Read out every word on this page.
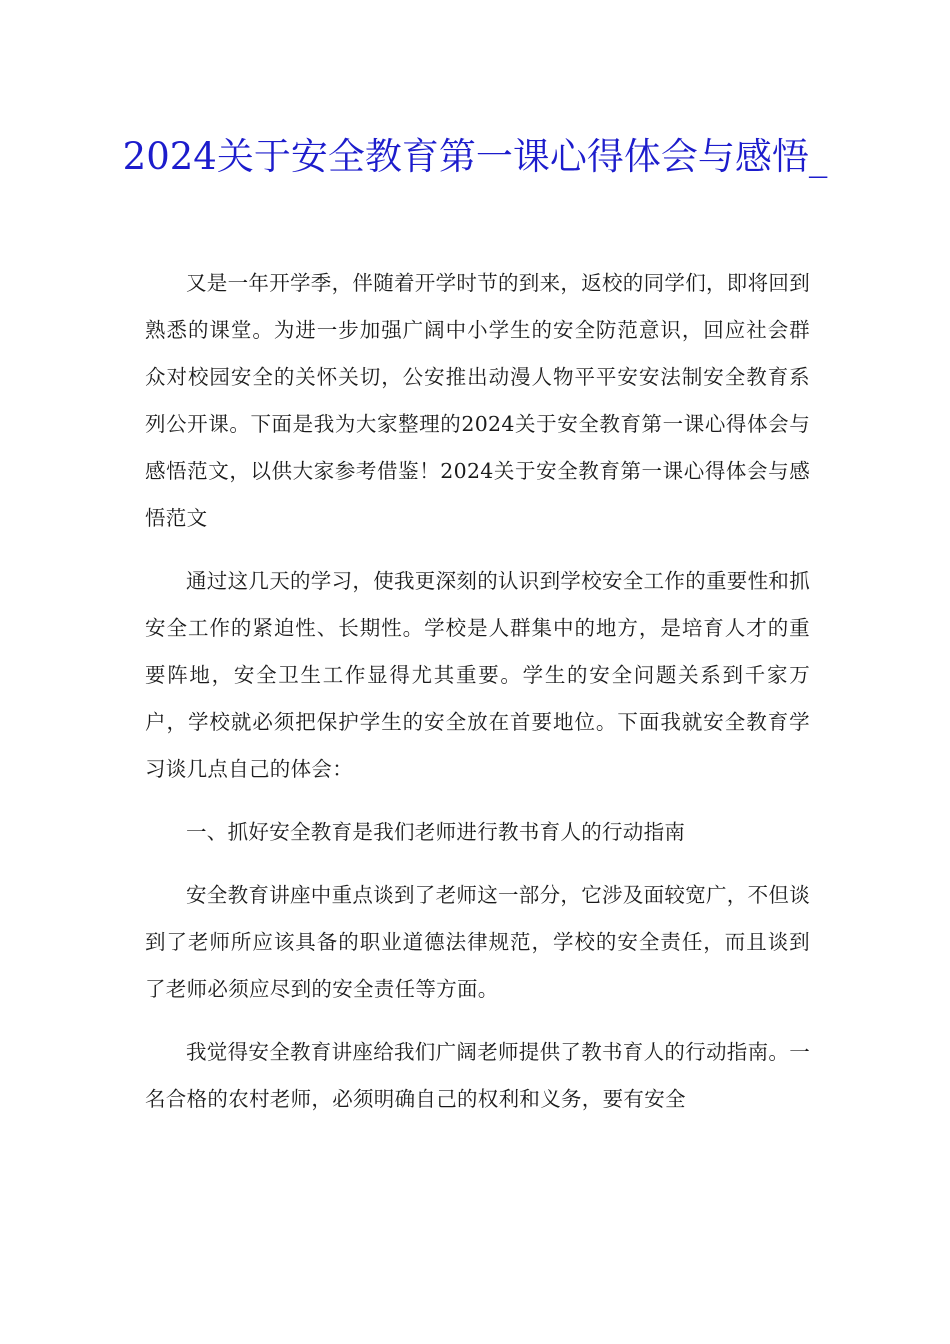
2024关于安全教育第一课心得体会与感悟_

又是一年开学季，伴随着开学时节的到来，返校的同学们，即将回到熟悉的课堂。为进一步加强广阔中小学生的安全防范意识，回应社会群众对校园安全的关怀关切，公安推出动漫人物平平安安法制安全教育系列公开课。下面是我为大家整理的2024关于安全教育第一课心得体会与感悟范文，以供大家参考借鉴！2024关于安全教育第一课心得体会与感悟范文

通过这几天的学习，使我更深刻的认识到学校安全工作的重要性和抓安全工作的紧迫性、长期性。学校是人群集中的地方，是培育人才的重要阵地，安全卫生工作显得尤其重要。学生的安全问题关系到千家万户，学校就必须把保护学生的安全放在首要地位。下面我就安全教育学习谈几点自己的体会：

一、抓好安全教育是我们老师进行教书育人的行动指南

安全教育讲座中重点谈到了老师这一部分，它涉及面较宽广，不但谈到了老师所应该具备的职业道德法律规范，学校的安全责任，而且谈到了老师必须应尽到的安全责任等方面。

我觉得安全教育讲座给我们广阔老师提供了教书育人的行动指南。一名合格的农村老师，必须明确自己的权利和义务，要有安全
